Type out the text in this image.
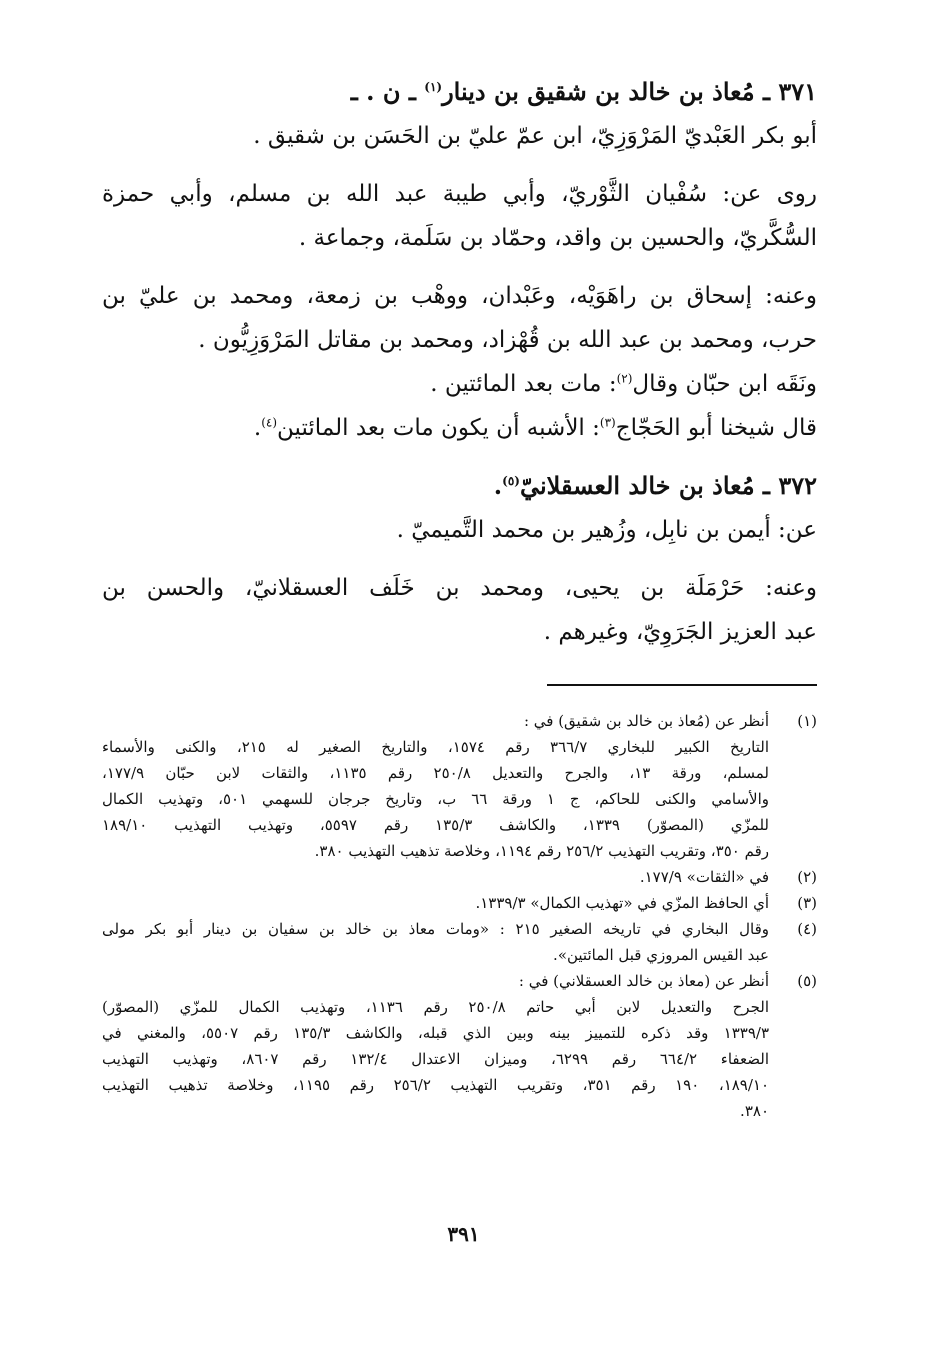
٣٧١ ـ مُعاذ بن خالد بن شقيق بن دينار$^{(١)}$ ـ ن . ـ
أبو بكر العَبْديّ المَرْوَزِيّ، ابن عمّ عليّ بن الحَسَن بن شقيق .
روى عن: سُفْيان الثَّوْريّ، وأبي طيبة عبد الله بن مسلم، وأبي حمزة
السُّكَّريّ، والحسين بن واقد، وحمّاد بن سَلَمة، وجماعة .
وعنه: إسحاق بن راهَوَيْه، وعَبْدان، ووهْب بن زمعة، ومحمد بن عليّ بن
حرب، ومحمد بن عبد الله بن قُهْزاد، ومحمد بن مقاتل المَرْوَزِيُّون .
ونَقَه ابن حبّان وقال$^{(٢)}$: مات بعد المائتين .
قال شيخنا أبو الحَجّاج$^{(٣)}$: الأشبه أن يكون مات بعد المائتين$^{(٤)}$.
٣٧٢ ـ مُعاذ بن خالد العسقلانيّ$^{(٥)}$.
عن: أيمن بن نابِل، وزُهير بن محمد التَّميميّ .
وعنه: حَرْمَلَة بن يحيى، ومحمد بن خَلَف العسقلانيّ، والحسن بن
عبد العزيز الجَرَوِيّ، وغيرهم .
(١)
أنظر عن (مُعاذ بن خالد بن شقيق) في :
التاريخ الكبير للبخاري ٣٦٦/٧ رقم ١٥٧٤، والتاريخ الصغير له ٢١٥، والكنى والأسماء
لمسلم، ورقة ١٣، والجرح والتعديل ٢٥٠/٨ رقم ١١٣٥، والثقات لابن حبّان ١٧٧/٩،
والأسامي والكنى للحاكم، ج ١ ورقة ٦٦ ب، وتاريخ جرجان للسهمي ٥٠١، وتهذيب الكمال
للمزّي (المصوّر) ١٣٣٩، والكاشف ١٣٥/٣ رقم ٥٥٩٧، وتهذيب التهذيب ١٨٩/١٠
رقم ٣٥٠، وتقريب التهذيب ٢٥٦/٢ رقم ١١٩٤، وخلاصة تذهيب التهذيب ٣٨٠.
(٢)
في «الثقات» ١٧٧/٩.
(٣)
أي الحافظ المزّي في «تهذيب الكمال» ١٣٣٩/٣.
(٤)
وقال البخاري في تاريخه الصغير ٢١٥ : «ومات معاذ بن خالد بن سفيان بن دينار أبو بكر مولى
عبد القيس المروزي قبل المائتين».
(٥)
أنظر عن (معاذ بن خالد العسقلاني) في :
الجرح والتعديل لابن أبي حاتم ٢٥٠/٨ رقم ١١٣٦، وتهذيب الكمال للمزّي (المصوّر)
١٣٣٩/٣ وقد ذكره للتمييز بينه وبين الذي قبله، والكاشف ١٣٥/٣ رقم ٥٥٠٧، والمغني في
الضعفاء ٦٦٤/٢ رقم ٦٢٩٩، وميزان الاعتدال ١٣٢/٤ رقم ٨٦٠٧، وتهذيب التهذيب
١٨٩/١٠، ١٩٠ رقم ٣٥١، وتقريب التهذيب ٢٥٦/٢ رقم ١١٩٥، وخلاصة تذهيب التهذيب
٣٨٠.
٣٩١
